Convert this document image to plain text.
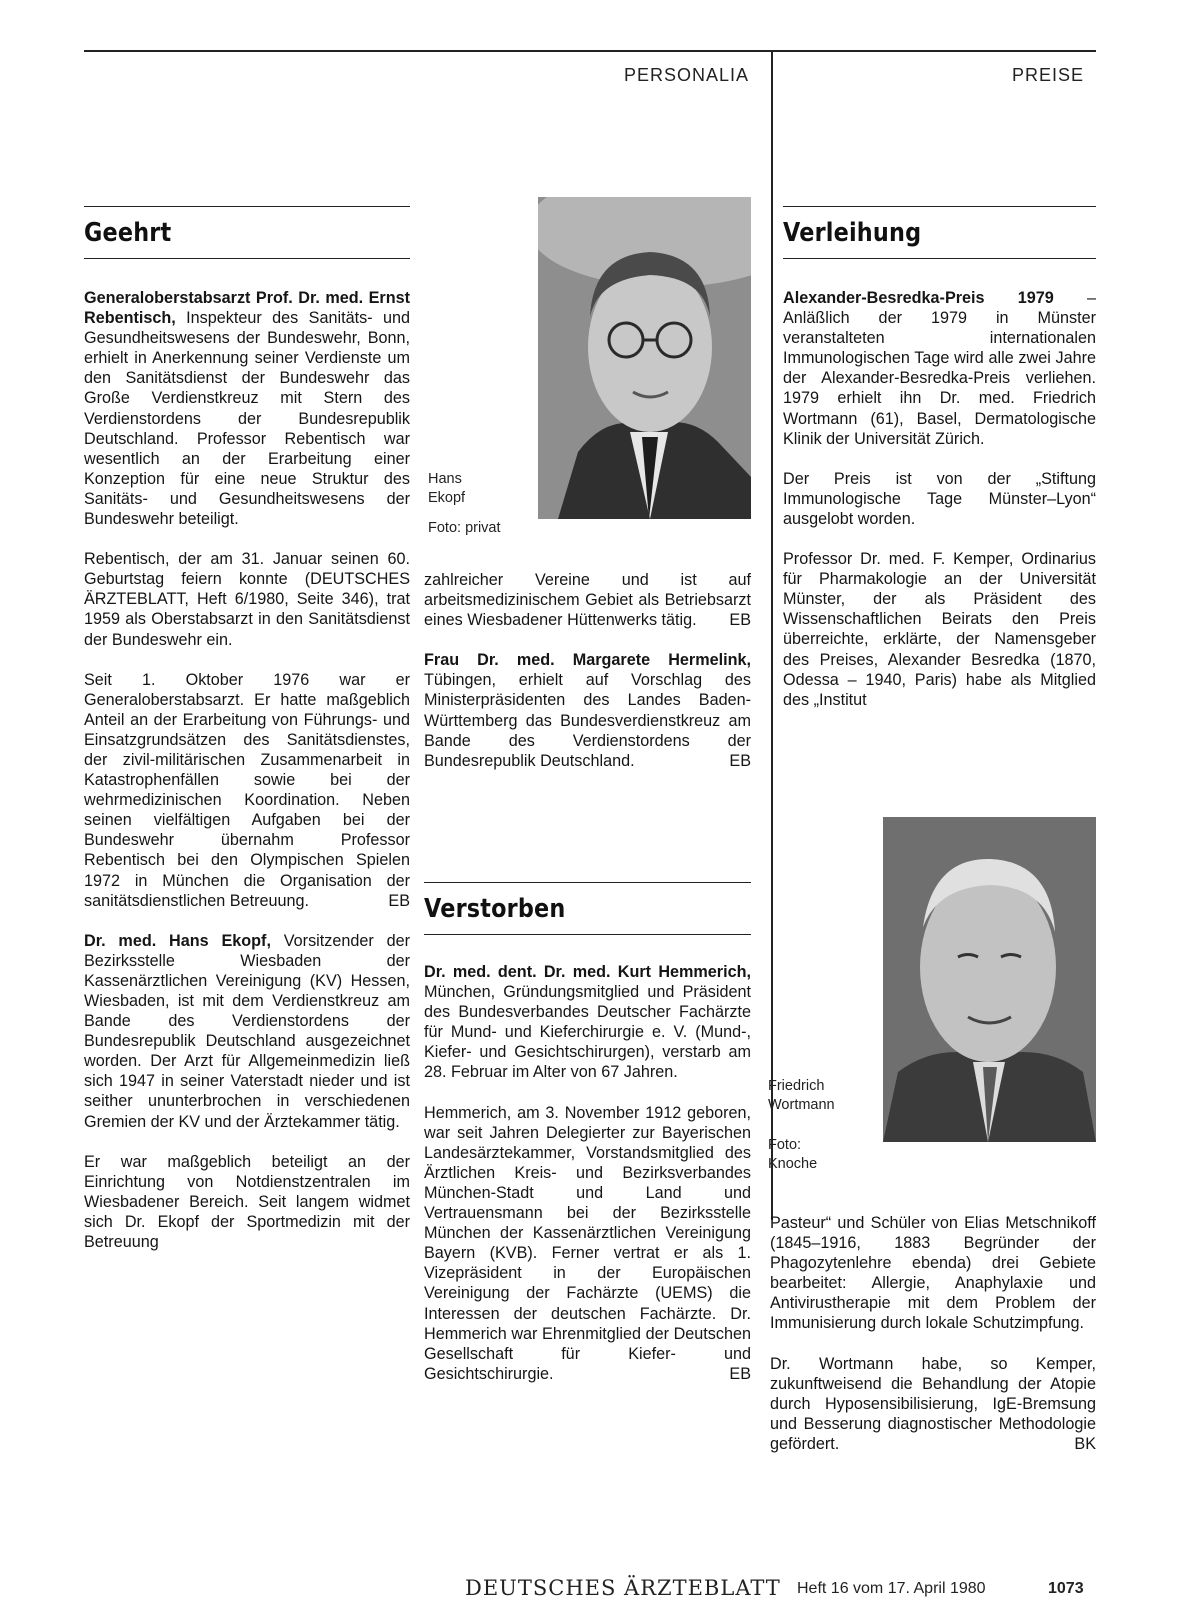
PERSONALIA	PREISE
Geehrt

Generaloberstabsarzt Prof. Dr. med. Ernst Rebentisch, Inspekteur des Sanitäts- und Gesundheitswesens der Bundeswehr, Bonn, erhielt in Anerkennung seiner Verdienste um den Sanitätsdienst der Bundeswehr das Große Verdienstkreuz mit Stern des Verdienstordens der Bundesrepublik Deutschland. Professor Rebentisch war wesentlich an der Erarbeitung einer Konzeption für eine neue Struktur des Sanitäts- und Gesundheitswesens der Bundeswehr beteiligt.

Rebentisch, der am 31. Januar seinen 60. Geburtstag feiern konnte (DEUTSCHES ÄRZTEBLATT, Heft 6/1980, Seite 346), trat 1959 als Oberstabsarzt in den Sanitätsdienst der Bundeswehr ein.

Seit 1. Oktober 1976 war er Generaloberstabsarzt. Er hatte maßgeblich Anteil an der Erarbeitung von Führungs- und Einsatzgrundsätzen des Sanitätsdienstes, der zivil-militärischen Zusammenarbeit in Katastrophenfällen sowie bei der wehrmedizinischen Koordination. Neben seinen vielfältigen Aufgaben bei der Bundeswehr übernahm Professor Rebentisch bei den Olympischen Spielen 1972 in München die Organisation der sanitätsdienstlichen Betreuung.	EB

Dr. med. Hans Ekopf, Vorsitzender der Bezirksstelle Wiesbaden der Kassenärztlichen Vereinigung (KV) Hessen, Wiesbaden, ist mit dem Verdienstkreuz am Bande des Verdienstordens der Bundesrepublik Deutschland ausgezeichnet worden. Der Arzt für Allgemeinmedizin ließ sich 1947 in seiner Vaterstadt nieder und ist seither ununterbrochen in verschiedenen Gremien der KV und der Ärztekammer tätig.

Er war maßgeblich beteiligt an der Einrichtung von Notdienstzentralen im Wiesbadener Bereich. Seit langem widmet sich Dr. Ekopf der Sportmedizin mit der Betreuung

Hans Ekopf
Foto: privat

zahlreicher Vereine und ist auf arbeitsmedizinischem Gebiet als Betriebsarzt eines Wiesbadener Hüttenwerks tätig.	EB

Frau Dr. med. Margarete Hermelink, Tübingen, erhielt auf Vorschlag des Ministerpräsidenten des Landes Baden-Württemberg das Bundesverdienstkreuz am Bande des Verdienstordens der Bundesrepublik Deutschland.	EB

Verstorben

Dr. med. dent. Dr. med. Kurt Hemmerich, München, Gründungsmitglied und Präsident des Bundesverbandes Deutscher Fachärzte für Mund- und Kieferchirurgie e. V. (Mund-, Kiefer- und Gesichtschirurgen), verstarb am 28. Februar im Alter von 67 Jahren.

Hemmerich, am 3. November 1912 geboren, war seit Jahren Delegierter zur Bayerischen Landesärztekammer, Vorstandsmitglied des Ärztlichen Kreis- und Bezirksverbandes München-Stadt und Land und Vertrauensmann bei der Bezirksstelle München der Kassenärztlichen Vereinigung Bayern (KVB). Ferner vertrat er als 1. Vizepräsident in der Europäischen Vereinigung der Fachärzte (UEMS) die Interessen der deutschen Fachärzte. Dr. Hemmerich war Ehrenmitglied der Deutschen Gesellschaft für Kiefer- und Gesichtschirurgie.	EB

Verleihung

Alexander-Besredka-Preis 1979 – Anläßlich der 1979 in Münster veranstalteten internationalen Immunologischen Tage wird alle zwei Jahre der Alexander-Besredka-Preis verliehen. 1979 erhielt ihn Dr. med. Friedrich Wortmann (61), Basel, Dermatologische Klinik der Universität Zürich.

Der Preis ist von der „Stiftung Immunologische Tage Münster–Lyon“ ausgelobt worden.

Professor Dr. med. F. Kemper, Ordinarius für Pharmakologie an der Universität Münster, der als Präsident des Wissenschaftlichen Beirats den Preis überreichte, erklärte, der Namensgeber des Preises, Alexander Besredka (1870, Odessa – 1940, Paris) habe als Mitglied des „Institut

Friedrich Wortmann
Foto: Knoche

Pasteur“ und Schüler von Elias Metschnikoff (1845–1916, 1883 Begründer der Phagozytenlehre ebenda) drei Gebiete bearbeitet: Allergie, Anaphylaxie und Antivirustherapie mit dem Problem der Immunisierung durch lokale Schutzimpfung.

Dr. Wortmann habe, so Kemper, zukunftweisend die Behandlung der Atopie durch Hyposensibilisierung, IgE-Bremsung und Besserung diagnostischer Methodologie gefördert.	BK

DEUTSCHES ÄRZTEBLATT Heft 16 vom 17. April 1980	1073
